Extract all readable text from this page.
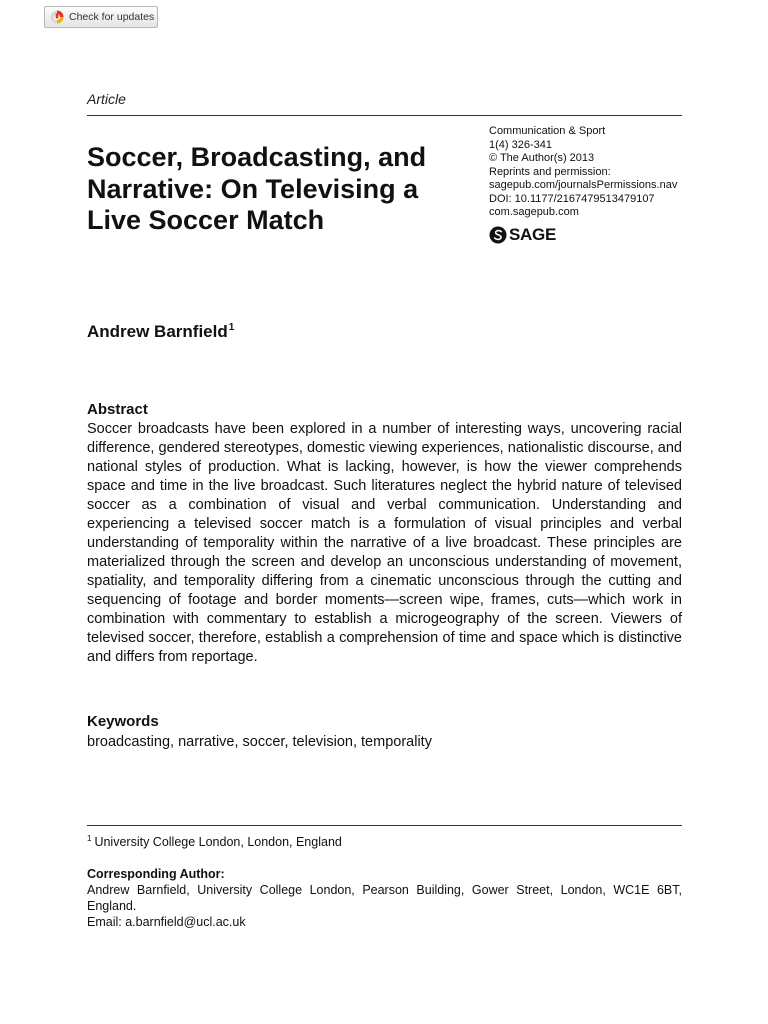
Check for updates
Article
Soccer, Broadcasting, and Narrative: On Televising a Live Soccer Match
Communication & Sport
1(4) 326-341
© The Author(s) 2013
Reprints and permission:
sagepub.com/journalsPermissions.nav
DOI: 10.1177/2167479513479107
com.sagepub.com
SAGE
Andrew Barnfield$^1$
Abstract

Soccer broadcasts have been explored in a number of interesting ways, uncovering racial difference, gendered stereotypes, domestic viewing experiences, nationalistic discourse, and national styles of production. What is lacking, however, is how the viewer comprehends space and time in the live broadcast. Such literatures neglect the hybrid nature of televised soccer as a combination of visual and verbal communication. Understanding and experiencing a televised soccer match is a formulation of visual principles and verbal understanding of temporality within the narrative of a live broadcast. These principles are materialized through the screen and develop an unconscious understanding of movement, spatiality, and temporality differing from a cinematic unconscious through the cutting and sequencing of footage and border moments—screen wipe, frames, cuts—which work in combination with commentary to establish a microgeography of the screen. Viewers of televised soccer, therefore, establish a comprehension of time and space which is distinctive and differs from reportage.

Keywords

broadcasting, narrative, soccer, television, temporality

$^1$ University College London, London, England
Corresponding Author:
Andrew Barnfield, University College London, Pearson Building, Gower Street, London, WC1E 6BT, England.
Email: a.barnfield@ucl.ac.uk
